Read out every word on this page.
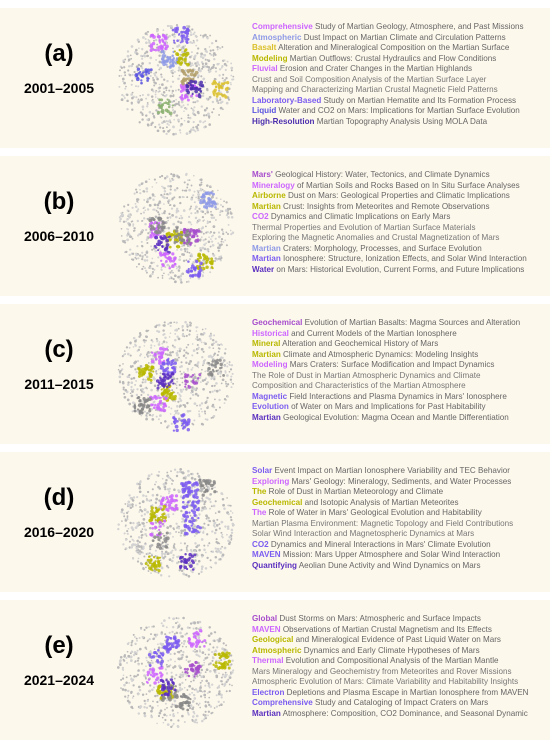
(a)
2001–2005
Comprehensive Study of Martian Geology, Atmosphere, and Past Missions
Atmospheric Dust Impact on Martian Climate and Circulation Patterns
Basalt Alteration and Mineralogical Composition on the Martian Surface
Modeling Martian Outflows: Crustal Hydraulics and Flow Conditions
Fluvial Erosion and Crater Changes in the Martian Highlands
Crust and Soil Composition Analysis of the Martian Surface Layer
Mapping and Characterizing Martian Crustal Magnetic Field Patterns
Laboratory-Based Study on Martian Hematite and Its Formation Process
Liquid Water and CO2 on Mars: Implications for Martian Surface Evolution
High-Resolution Martian Topography Analysis Using MOLA Data
(b)
2006–2010
Mars' Geological History: Water, Tectonics, and Climate Dynamics
Mineralogy of Martian Soils and Rocks Based on In Situ Surface Analyses
Airborne Dust on Mars: Geological Properties and Climatic Implications
Martian Crust: Insights from Meteorites and Remote Observations
CO2 Dynamics and Climatic Implications on Early Mars
Thermal Properties and Evolution of Martian Surface Materials
Exploring the Magnetic Anomalies and Crustal Magnetization of Mars
Martian Craters: Morphology, Processes, and Surface Evolution
Martian Ionosphere: Structure, Ionization Effects, and Solar Wind Interaction
Water on Mars: Historical Evolution, Current Forms, and Future Implications
(c)
2011–2015
Geochemical Evolution of Martian Basalts: Magma Sources and Alteration
Historical and Current Models of the Martian Ionosphere
Mineral Alteration and Geochemical History of Mars
Martian Climate and Atmospheric Dynamics: Modeling Insights
Modeling Mars Craters: Surface Modification and Impact Dynamics
The Role of Dust in Martian Atmospheric Dynamics and Climate
Composition and Characteristics of the Martian Atmosphere
Magnetic Field Interactions and Plasma Dynamics in Mars' Ionosphere
Evolution of Water on Mars and Implications for Past Habitability
Martian Geological Evolution: Magma Ocean and Mantle Differentiation
(d)
2016–2020
Solar Event Impact on Martian Ionosphere Variability and TEC Behavior
Exploring Mars' Geology: Mineralogy, Sediments, and Water Processes
The Role of Dust in Martian Meteorology and Climate
Geochemical and Isotopic Analysis of Martian Meteorites
The Role of Water in Mars' Geological Evolution and Habitability
Martian Plasma Environment: Magnetic Topology and Field Contributions
Solar Wind Interaction and Magnetospheric Dynamics at Mars
CO2 Dynamics and Mineral Interactions in Mars' Climate Evolution
MAVEN Mission: Mars Upper Atmosphere and Solar Wind Interaction
Quantifying Aeolian Dune Activity and Wind Dynamics on Mars
(e)
2021–2024
Global Dust Storms on Mars: Atmospheric and Surface Impacts
MAVEN Observations of Martian Crustal Magnetism and Its Effects
Geological and Mineralogical Evidence of Past Liquid Water on Mars
Atmospheric Dynamics and Early Climate Hypotheses of Mars
Thermal Evolution and Compositional Analysis of the Martian Mantle
Mars Mineralogy and Geochemistry from Meteorites and Rover Missions
Atmospheric Evolution of Mars: Climate Variability and Habitability Insights
Electron Depletions and Plasma Escape in Martian Ionosphere from MAVEN
Comprehensive Study and Cataloging of Impact Craters on Mars
Martian Atmosphere: Composition, CO2 Dominance, and Seasonal Dynamic
